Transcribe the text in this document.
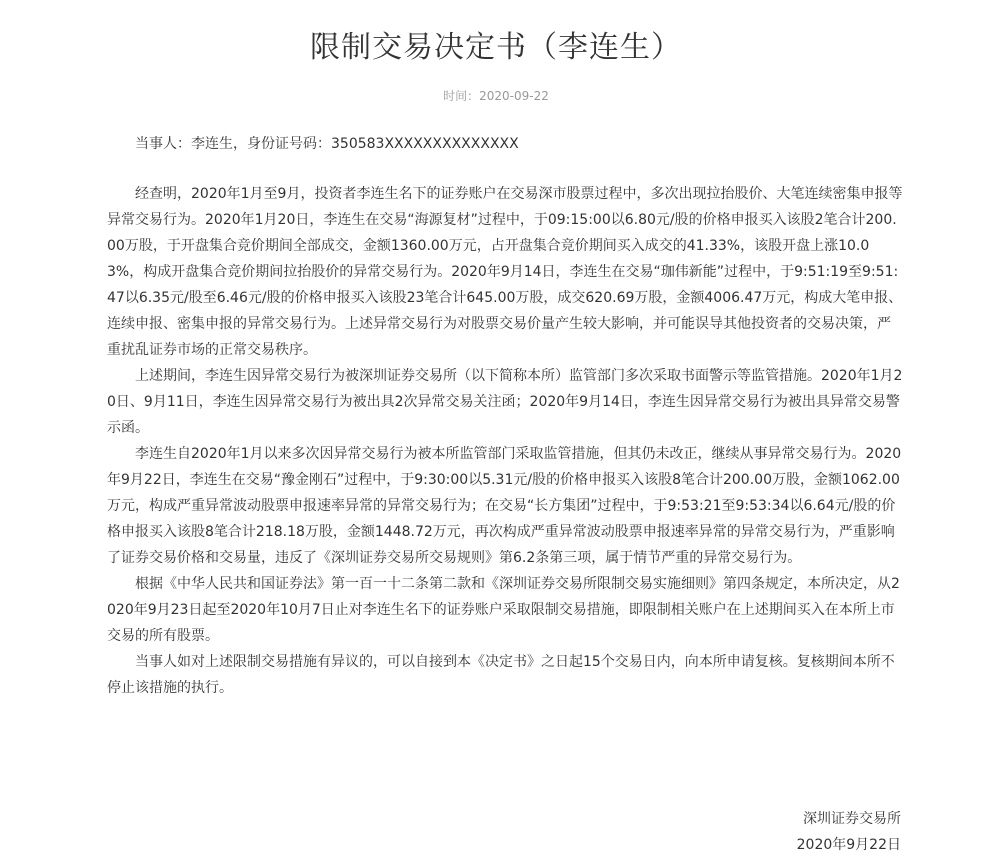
限制交易决定书（李连生）
时间：2020-09-22

当事人：李连生，身份证号码：350583XXXXXXXXXXXXXX

经查明，2020年1月至9月，投资者李连生名下的证券账户在交易深市股票过程中，多次出现拉抬股价、大笔连续密集申报等异常交易行为。2020年1月20日，李连生在交易“海源复材”过程中，于09:15:00以6.80元/股的价格申报买入该股2笔合计200.00万股，于开盘集合竞价期间全部成交，金额1360.00万元，占开盘集合竞价期间买入成交的41.33%，该股开盘上涨10.03%，构成开盘集合竞价期间拉抬股价的异常交易行为。2020年9月14日，李连生在交易“珈伟新能”过程中，于9:51:19至9:51:47以6.35元/股至6.46元/股的价格申报买入该股23笔合计645.00万股，成交620.69万股，金额4006.47万元，构成大笔申报、连续申报、密集申报的异常交易行为。上述异常交易行为对股票交易价量产生较大影响，并可能误导其他投资者的交易决策，严重扰乱证券市场的正常交易秩序。

上述期间，李连生因异常交易行为被深圳证券交易所（以下简称本所）监管部门多次采取书面警示等监管措施。2020年1月20日、9月11日，李连生因异常交易行为被出具2次异常交易关注函；2020年9月14日，李连生因异常交易行为被出具异常交易警示函。

李连生自2020年1月以来多次因异常交易行为被本所监管部门采取监管措施，但其仍未改正，继续从事异常交易行为。2020年9月22日，李连生在交易“豫金刚石”过程中，于9:30:00以5.31元/股的价格申报买入该股8笔合计200.00万股，金额1062.00万元，构成严重异常波动股票申报速率异常的异常交易行为；在交易“长方集团”过程中，于9:53:21至9:53:34以6.64元/股的价格申报买入该股8笔合计218.18万股，金额1448.72万元，再次构成严重异常波动股票申报速率异常的异常交易行为，严重影响了证券交易价格和交易量，违反了《深圳证券交易所交易规则》第6.2条第三项，属于情节严重的异常交易行为。

根据《中华人民共和国证券法》第一百一十二条第二款和《深圳证券交易所限制交易实施细则》第四条规定，本所决定，从2020年9月23日起至2020年10月7日止对李连生名下的证券账户采取限制交易措施，即限制相关账户在上述期间买入在本所上市交易的所有股票。

当事人如对上述限制交易措施有异议的，可以自接到本《决定书》之日起15个交易日内，向本所申请复核。复核期间本所不停止该措施的执行。

深圳证券交易所
2020年9月22日
